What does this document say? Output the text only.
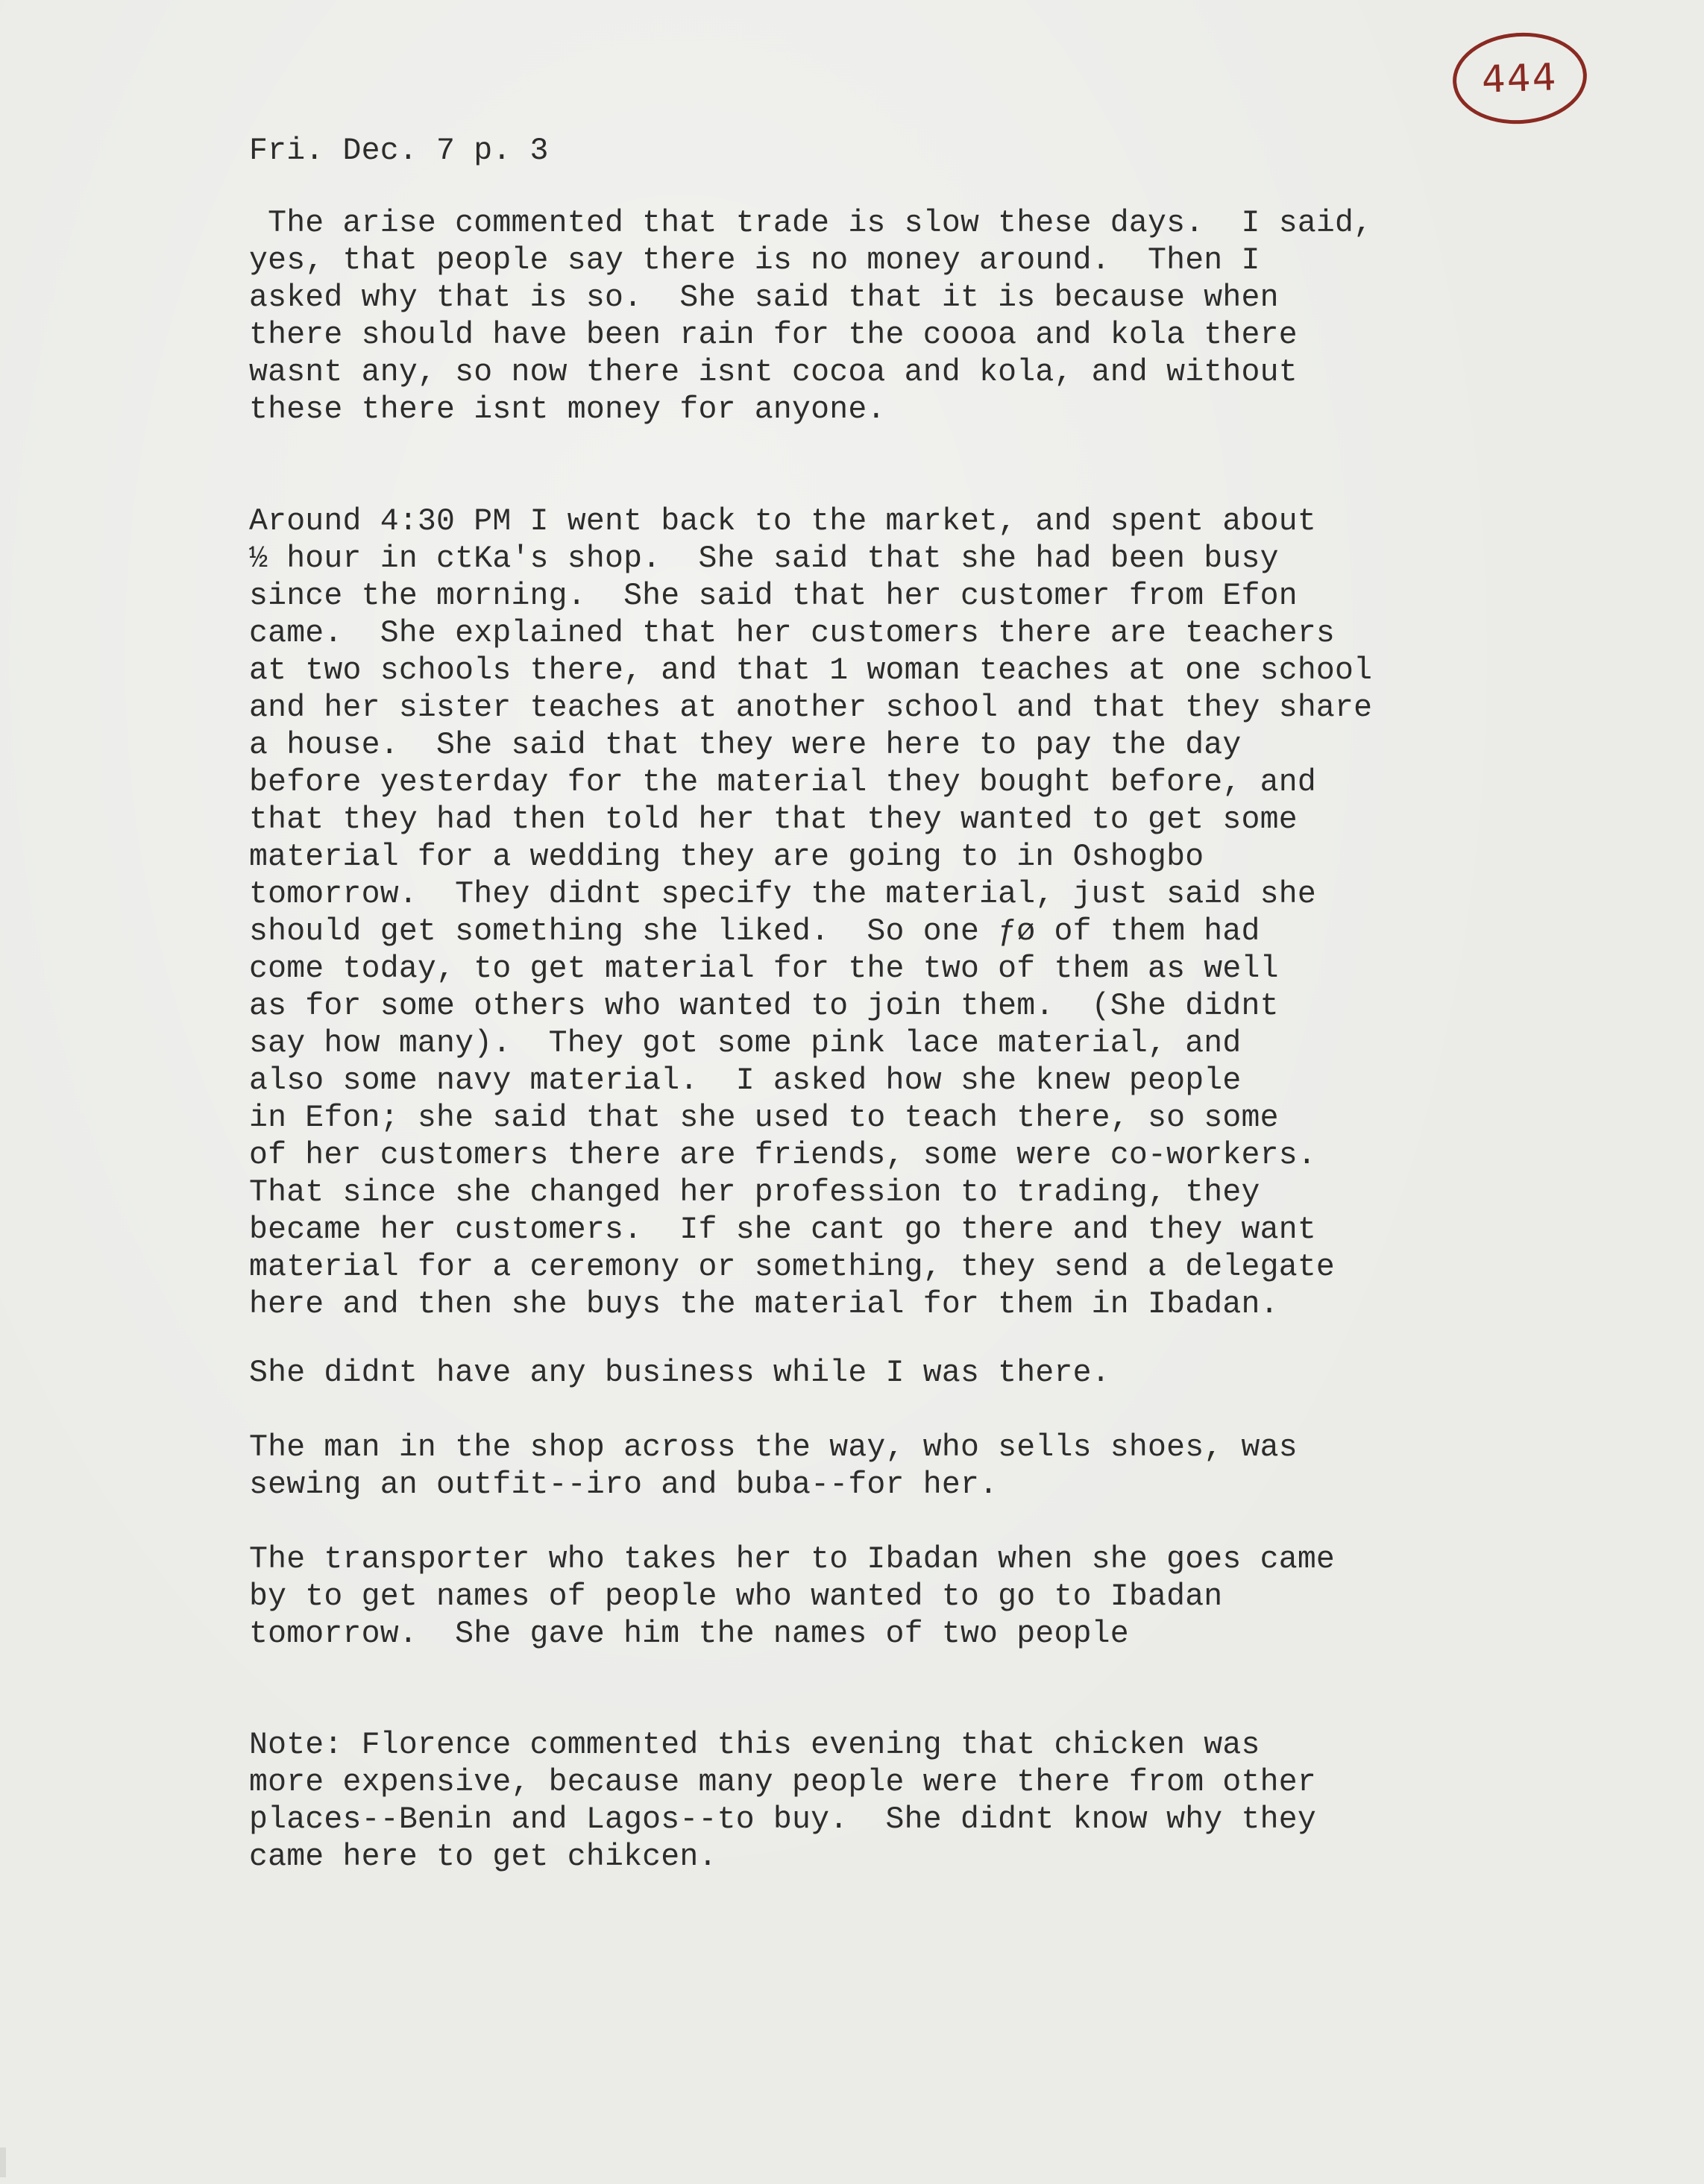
444

Fri. Dec. 7 p. 3

The arise commented that trade is slow these days.  I said,
yes, that people say there is no money around.  Then I
asked why that is so.  She said that it is because when
there should have been rain for the coooa and kola there
wasnt any, so now there isnt cocoa and kola, and without
these there isnt money for anyone.

Around 4:30 PM I went back to the market, and spent about
½ hour in ctKa's shop.  She said that she had been busy
since the morning.  She said that her customer from Efon
came.  She explained that her customers there are teachers
at two schools there, and that 1 woman teaches at one school
and her sister teaches at another school and that they share
a house.  She said that they were here to pay the day
before yesterday for the material they bought before, and
that they had then told her that they wanted to get some
material for a wedding they are going to in Oshogbo
tomorrow.  They didnt specify the material, just said she
should get something she liked.  So one ƒø of them had
come today, to get material for the two of them as well
as for some others who wanted to join them.  (She didnt
say how many).  They got some pink lace material, and
also some navy material.  I asked how she knew people
in Efon; she said that she used to teach there, so some
of her customers there are friends, some were co-workers.
That since she changed her profession to trading, they
became her customers.  If she cant go there and they want
material for a ceremony or something, they send a delegate
here and then she buys the material for them in Ibadan.

She didnt have any business while I was there.

The man in the shop across the way, who sells shoes, was
sewing an outfit--iro and buba--for her.

The transporter who takes her to Ibadan when she goes came
by to get names of people who wanted to go to Ibadan
tomorrow.  She gave him the names of two people

Note: Florence commented this evening that chicken was
more expensive, because many people were there from other
places--Benin and Lagos--to buy.  She didnt know why they
came here to get chikcen.
